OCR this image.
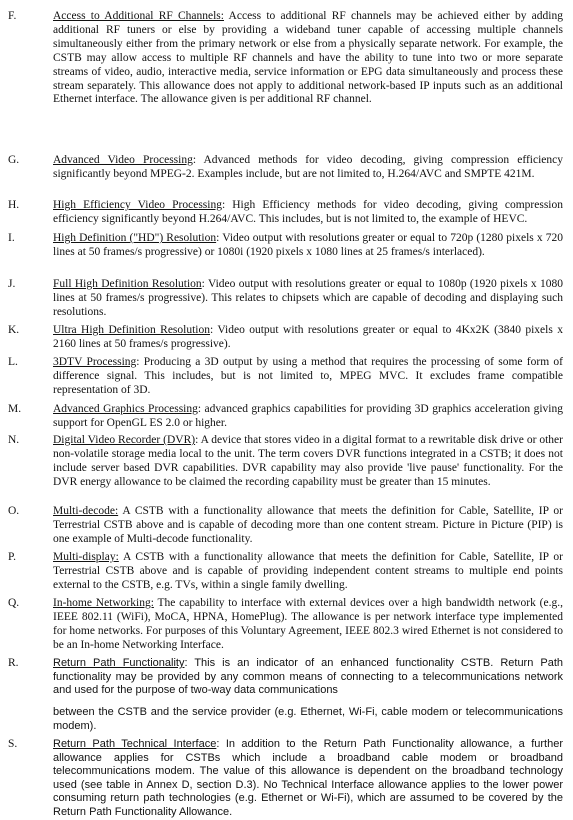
F.	Access to Additional RF Channels: Access to additional RF channels may be achieved either by adding additional RF tuners or else by providing a wideband tuner capable of accessing multiple channels simultaneously either from the primary network or else from a physically separate network. For example, the CSTB may allow access to multiple RF channels and have the ability to tune into two or more separate streams of video, audio, interactive media, service information or EPG data simultaneously and process these stream separately. This allowance does not apply to additional network-based IP inputs such as an additional Ethernet interface. The allowance given is per additional RF channel.
G.	Advanced Video Processing: Advanced methods for video decoding, giving compression efficiency significantly beyond MPEG-2. Examples include, but are not limited to, H.264/AVC and SMPTE 421M.
H.	High Efficiency Video Processing: High Efficiency methods for video decoding, giving compression efficiency significantly beyond H.264/AVC. This includes, but is not limited to, the example of HEVC.
I.	High Definition ("HD") Resolution: Video output with resolutions greater or equal to 720p (1280 pixels x 720 lines at 50 frames/s progressive) or 1080i (1920 pixels x 1080 lines at 25 frames/s interlaced).
J.	Full High Definition Resolution: Video output with resolutions greater or equal to 1080p (1920 pixels x 1080 lines at 50 frames/s progressive). This relates to chipsets which are capable of decoding and displaying such resolutions.
K.	Ultra High Definition Resolution: Video output with resolutions greater or equal to 4Kx2K (3840 pixels x 2160 lines at 50 frames/s progressive).
L.	3DTV Processing: Producing a 3D output by using a method that requires the processing of some form of difference signal. This includes, but is not limited to, MPEG MVC. It excludes frame compatible representation of 3D.
M.	Advanced Graphics Processing: advanced graphics capabilities for providing 3D graphics acceleration giving support for OpenGL ES 2.0 or higher.
N.	Digital Video Recorder (DVR): A device that stores video in a digital format to a rewritable disk drive or other non-volatile storage media local to the unit. The term covers DVR functions integrated in a CSTB; it does not include server based DVR capabilities. DVR capability may also provide 'live pause' functionality. For the DVR energy allowance to be claimed the recording capability must be greater than 15 minutes.
O.	Multi-decode: A CSTB with a functionality allowance that meets the definition for Cable, Satellite, IP or Terrestrial CSTB above and is capable of decoding more than one content stream. Picture in Picture (PIP) is one example of Multi-decode functionality.
P.	Multi-display: A CSTB with a functionality allowance that meets the definition for Cable, Satellite, IP or Terrestrial CSTB above and is capable of providing independent content streams to multiple end points external to the CSTB, e.g. TVs, within a single family dwelling.
Q.	In-home Networking: The capability to interface with external devices over a high bandwidth network (e.g., IEEE 802.11 (WiFi), MoCA, HPNA, HomePlug). The allowance is per network interface type implemented for home networks. For purposes of this Voluntary Agreement, IEEE 802.3 wired Ethernet is not considered to be an In-home Networking Interface.
R.	Return Path Functionality: This is an indicator of an enhanced functionality CSTB. Return Path functionality may be provided by any common means of connecting to a telecommunications network and used for the purpose of two-way data communications
between the CSTB and the service provider (e.g. Ethernet, Wi-Fi, cable modem or telecommunications modem).
S.	Return Path Technical Interface: In addition to the Return Path Functionality allowance, a further allowance applies for CSTBs which include a broadband cable modem or broadband telecommunications modem. The value of this allowance is dependent on the broadband technology used (see table in Annex D, section D.3). No Technical Interface allowance applies to the lower power consuming return path technologies (e.g. Ethernet or Wi-Fi), which are assumed to be covered by the Return Path Functionality Allowance.
